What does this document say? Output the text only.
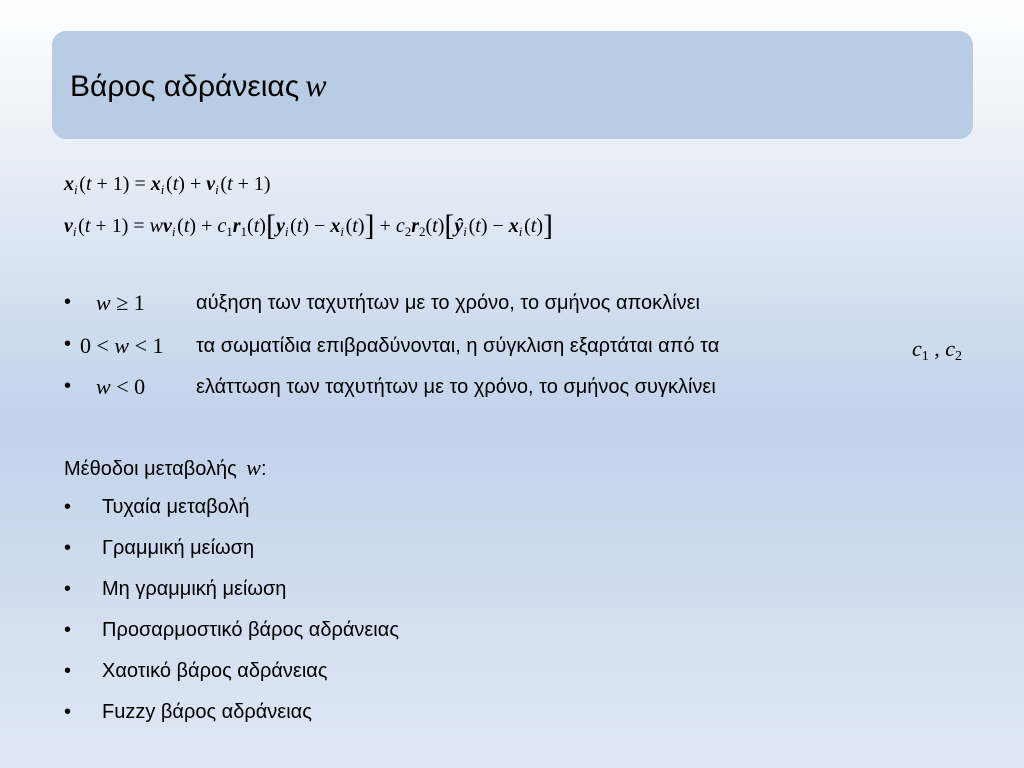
Βάρος αδράνειας w
$x_i$ $(t + 1) = x_i$ $(t) + v_i$ (t + 1)
$v_i$ $(t + 1) = wv_i$ $(t) + c_1r_1(t)[y_i$ $(t) - x_i$ $(t)] + c_2r_2(t)[ŷ_i$ $(t) - x_i$ (t)]
• w ≥ 1	αύξηση των ταχυτήτων με το χρόνο, το σμήνος αποκλίνει
• 0 < w < 1 τα σωματίδια επιβραδύνονται, η σύγκλιση εξαρτάται από τα	$c_1$ , $c_2$
• w < 0	ελάττωση των ταχυτήτων με το χρόνο, το σμήνος συγκλίνει
Μέθοδοι μεταβολής w:
• Τυχαία μεταβολή
• Γραμμική μείωση
• Μη γραμμική μείωση
• Προσαρμοστικό βάρος αδράνειας
• Χαοτικό βάρος αδράνειας
• Fuzzy βάρος αδράνειας
